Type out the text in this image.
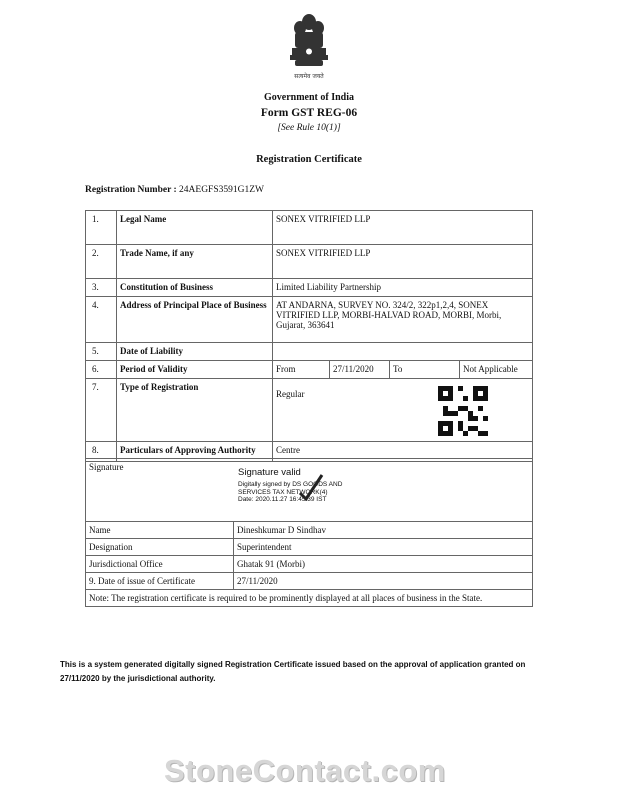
सत्यमेव जयते
Government of India
Form GST REG-06
[See Rule 10(1)]
Registration Certificate
Registration Number : 24AEGFS3591G1ZW
1.	Legal Name	SONEX VITRIFIED LLP			
2.	Trade Name, if any	SONEX VITRIFIED LLP			
3.	Constitution of Business	Limited Liability Partnership			
4.	Address of Principal Place of Business	AT ANDARNA, SURVEY NO. 324/2, 322p1,2,4, SONEX VITRIFIED LLP, MORBI-HALVAD ROAD, MORBI, Morbi, Gujarat, 363641			
5.	Date of Liability				
6.	Period of Validity	From	27/11/2020	To	Not Applicable
7.	Type of Registration	Regular			

8.	Particulars of Approving Authority	Centre			
Signature Signature valid
Digitally signed by DS GOODS AND
SERVICES TAX NETWORK(4)
Date: 2020.11.27 16:45:39 IST	

Name	Dineshkumar D Sindhav
Designation	Superintendent
Jurisdictional Office	Ghatak 91 (Morbi)
9. Date of issue of Certificate	27/11/2020
Note: The registration certificate is required to be prominently displayed at all places of business in the State.	
This is a system generated digitally signed Registration Certificate issued based on the approval of application granted on 27/11/2020 by the jurisdictional authority.
StoneContact.com
